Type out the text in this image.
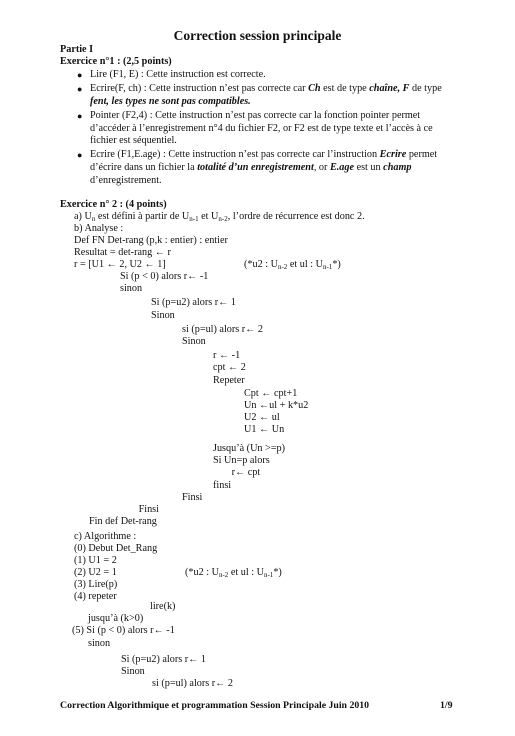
Correction session principale
Partie I
Exercice n°1 : (2,5 points)
● Lire (F1, E) : Cette instruction est correcte.
● Ecrire(F, ch) : Cette instruction n’est pas correcte car Ch est de type chaîne, F de type
fent, les types ne sont pas compatibles.
● Pointer (F2,4) : Cette instruction n’est pas correcte car la fonction pointer permet
d’accéder à l’enregistrement n°4 du fichier F2, or F2 est de type texte et l’accès à ce
fichier est séquentiel.
● Ecrire (F1,E.age) : Cette instruction n’est pas correcte car l’instruction Ecrire permet
d’écrire dans un fichier la totalité d’un enregistrement, or E.age est un champ
d’enregistrement.
Exercice n° 2 : (4 points)
a) $U_n$ est défini à partir de $U_{n-1}$ et $U_{n-2}$, l’ordre de récurrence est donc 2.
b) Analyse :
Def FN Det-rang (p,k : entier) : entier
Resultat = det-rang ← r
r = [U1 ← 2, U2 ← 1]	(*u2 : $U_{n-2}$ et ul : $U_{n-1}*$)
Si (p < 0) alors r← -1
sinon
Si (p=u2) alors r← 1
Sinon
si (p=ul) alors r← 2
Sinon
r ← -1
cpt ← 2
Repeter
Cpt ← cpt+1
Un ←ul + k*u2
U2 ← ul
U1 ← Un
Jusqu’à (Un >=p)
Si Un=p alors
r← cpt
finsi
Finsi
Finsi
Fin def Det-rang
c) Algorithme :
(0) Debut Det_Rang
(1) U1 = 2
(2) U2 = 1	(*u2 : $U_{n-2}$ et ul : $U_{n-1}*$)
(3) Lire(p)
(4) repeter
lire(k)
jusqu’à (k>0)
(5) Si (p < 0) alors r← -1
sinon
Si (p=u2) alors r← 1
Sinon
si (p=ul) alors r← 2
Correction Algorithmique et programmation Session Principale Juin 2010	1/9
